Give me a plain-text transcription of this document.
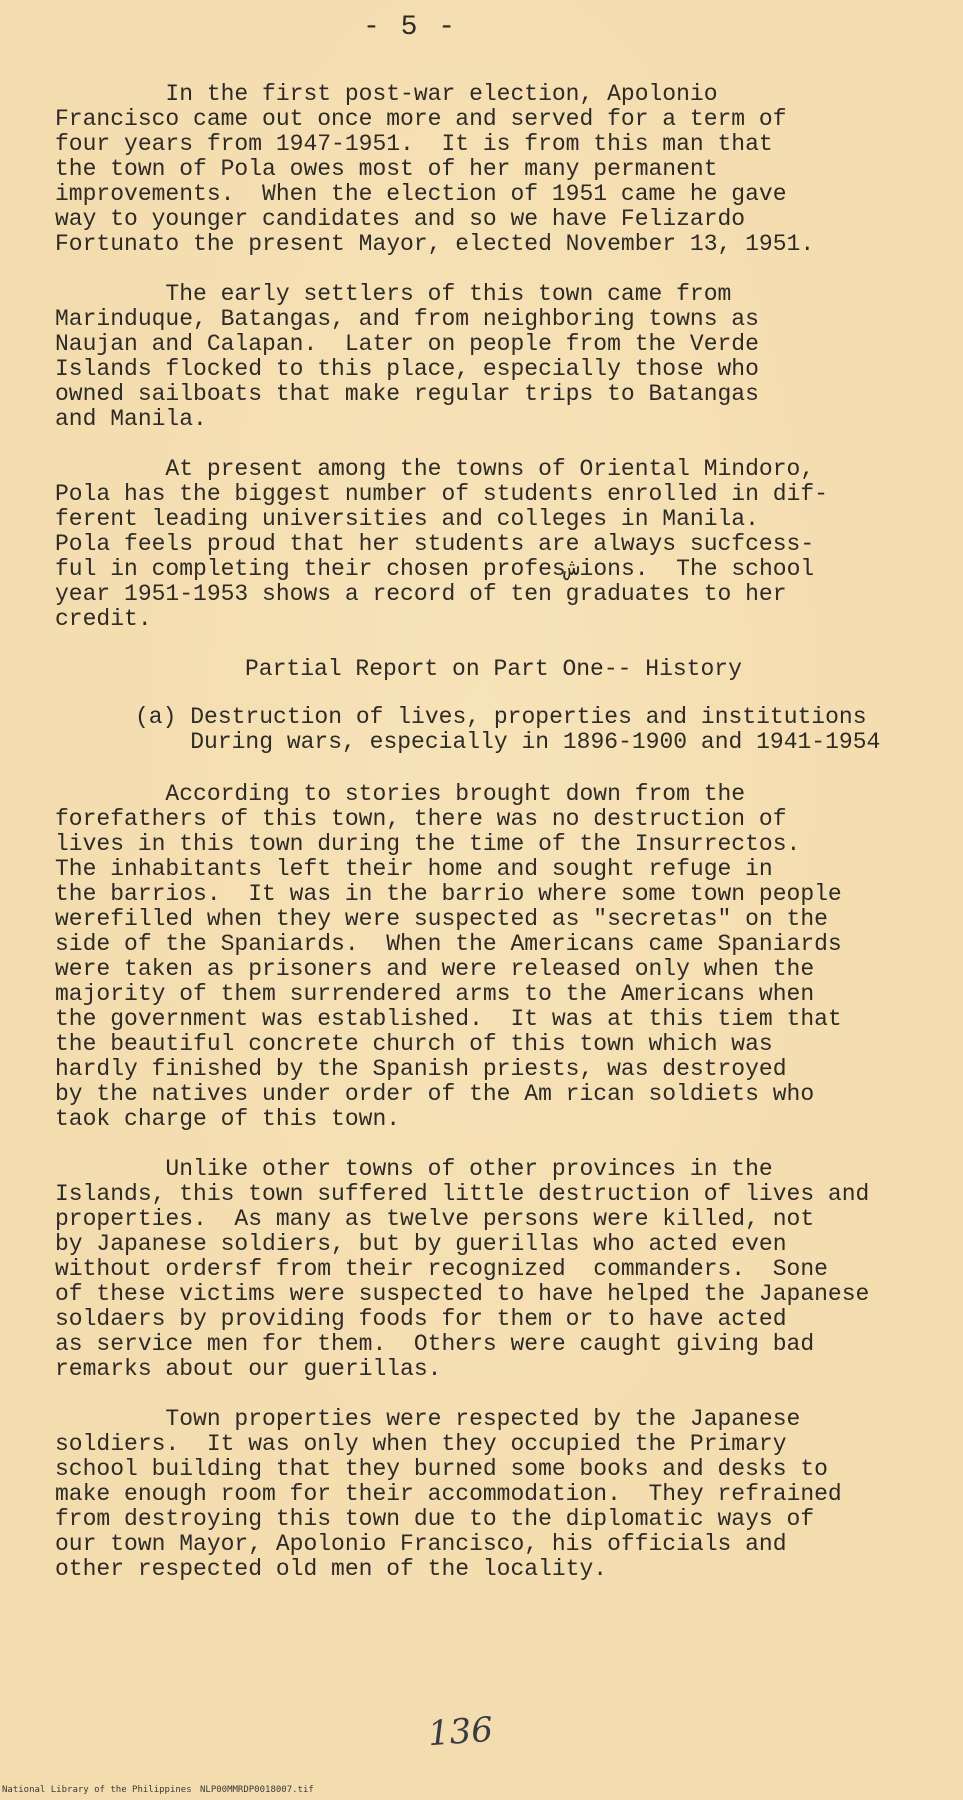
- 5 -

In the first post-war election, Apolonio
Francisco came out once more and served for a term of
four years from 1947-1951.  It is from this man that
the town of Pola owes most of her many permanent
improvements.  When the election of 1951 came he gave
way to younger candidates and so we have Felizardo
Fortunato the present Mayor, elected November 13, 1951.

The early settlers of this town came from
Marinduque, Batangas, and from neighboring towns as
Naujan and Calapan.  Later on people from the Verde
Islands flocked to this place, especially those who
owned sailboats that make regular trips to Batangas
and Manila.

At present among the towns of Oriental Mindoro,
Pola has the biggest number of students enrolled in dif-
ferent leading universities and colleges in Manila.
Pola feels proud that her students are always sucfcess-
ful in completing their chosen profesشions.  The school
year 1951-1953 shows a record of ten graduates to her
credit.

Partial Report on Part One-- History

(a) Destruction of lives, properties and institutions
During wars, especially in 1896-1900 and 1941-1954

According to stories brought down from the
forefathers of this town, there was no destruction of
lives in this town during the time of the Insurrectos.
The inhabitants left their home and sought refuge in
the barrios.  It was in the barrio where some town people
werefilled when they were suspected as "secretas" on the
side of the Spaniards.  When the Americans came Spaniards
were taken as prisoners and were released only when the
majority of them surrendered arms to the Americans when
the government was established.  It was at this tiem that
the beautiful concrete church of this town which was
hardly finished by the Spanish priests, was destroyed
by the natives under order of the Am rican soldiets who
taok charge of this town.

Unlike other towns of other provinces in the
Islands, this town suffered little destruction of lives and
properties.  As many as twelve persons were killed, not
by Japanese soldiers, but by guerillas who acted even
without ordersf from their recognized  commanders.  Sone
of these victims were suspected to have helped the Japanese
soldaers by providing foods for them or to have acted
as service men for them.  Others were caught giving bad
remarks about our guerillas.

Town properties were respected by the Japanese
soldiers.  It was only when they occupied the Primary
school building that they burned some books and desks to
make enough room for their accommodation.  They refrained
from destroying this town due to the diplomatic ways of
our town Mayor, Apolonio Francisco, his officials and
other respected old men of the locality.

136
National Library of the Philippines NLP00MMRDP0018007.tif
